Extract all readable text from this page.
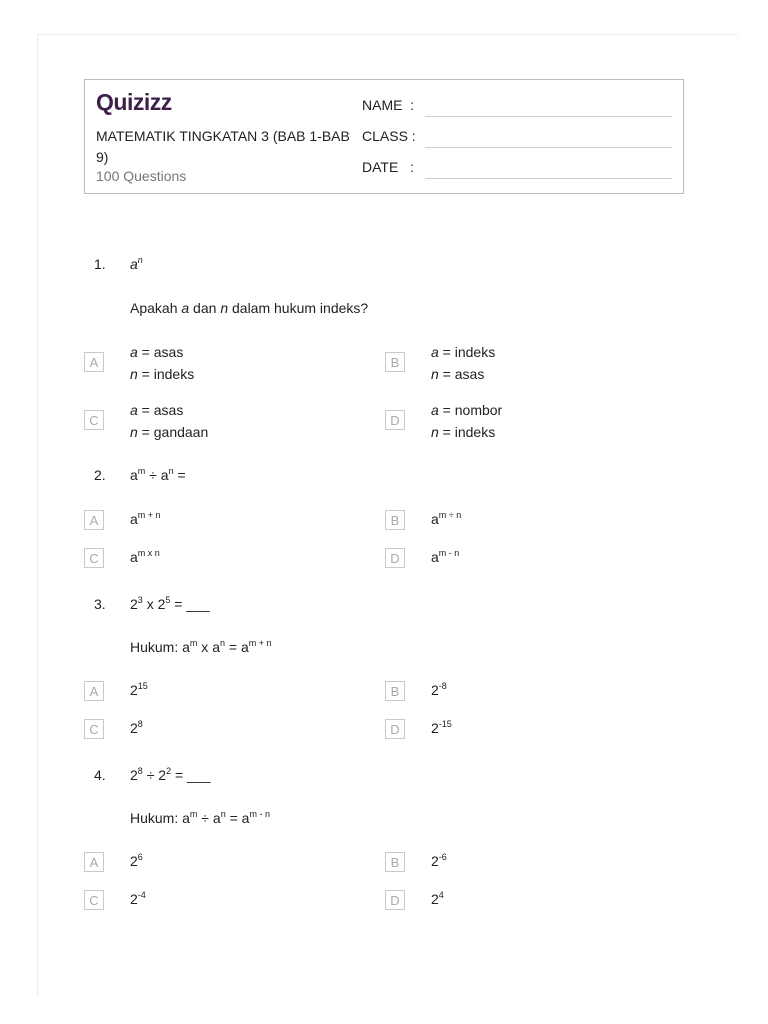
Quizizz
MATEMATIK TINGKATAN 3 (BAB 1-BAB 9)
100 Questions
NAME  :
CLASS :
DATE   :
1. $a^n$
Apakah a dan n dalam hukum indeks?
A
a = asas
n = indeks
B
a = indeks
n = asas
C
a = asas
n = gandaan
D
a = nombor
n = indeks
2. $a^m \div a^n$ =
A	$a^{m + n}$	B	$a^{m \div n}$
C	$a^{m x n}$	D	$a^{m - n}$
3. $2^3$ x $2^5$ = ___
Hukum: $a^m$ x $a^n = a^{m + n}$
A	$2^{15}$	B	$2^{-8}$
C	$2^8$	D	$2^{-15}$
4. $2^8 \div 2^2$ = ___
Hukum: $a^m \div a^n = a^{m - n}$
A	$2^6$	B	$2^{-6}$
C	$2^{-4}$	D	$2^4$
